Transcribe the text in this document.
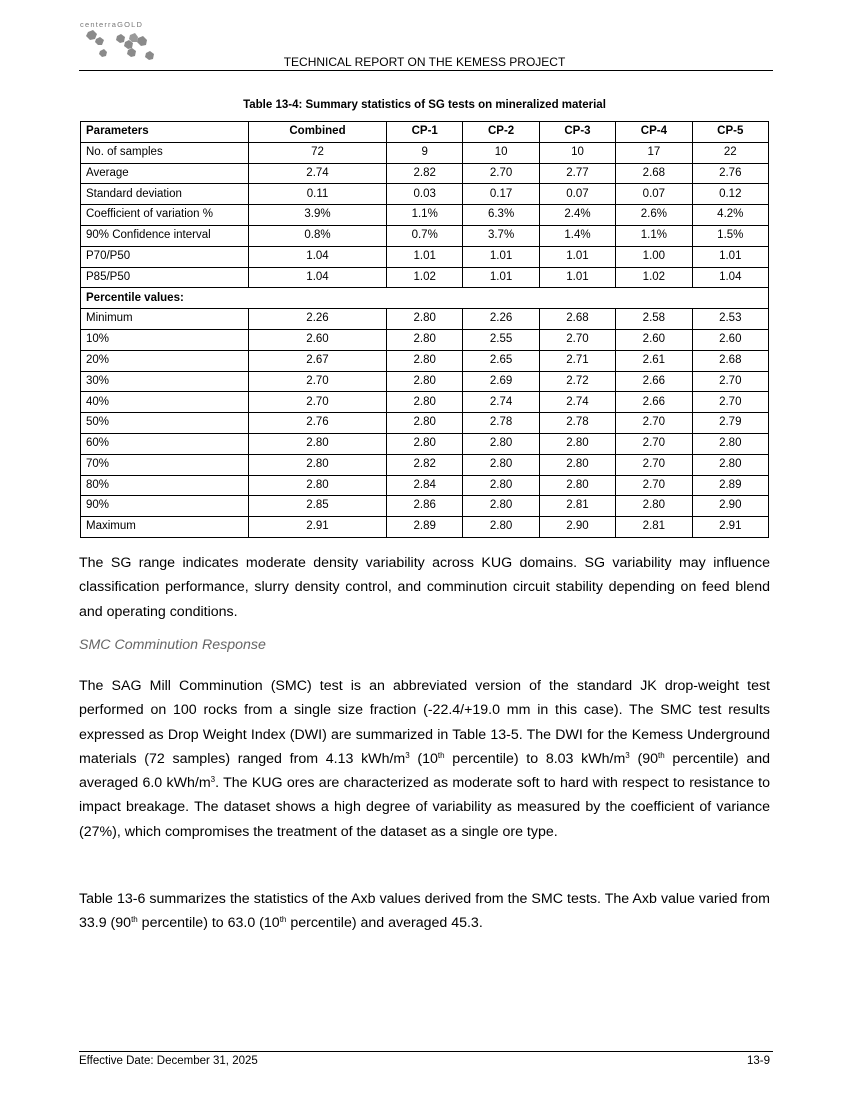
centerraGOLD
TECHNICAL REPORT ON THE KEMESS PROJECT
Table 13-4: Summary statistics of SG tests on mineralized material
Parameters	Combined	CP-1	CP-2	CP-3	CP-4	CP-5
No. of samples	72	9	10	10	17	22
Average	2.74	2.82	2.70	2.77	2.68	2.76
Standard deviation	0.11	0.03	0.17	0.07	0.07	0.12
Coefficient of variation %	3.9%	1.1%	6.3%	2.4%	2.6%	4.2%
90% Confidence interval	0.8%	0.7%	3.7%	1.4%	1.1%	1.5%
P70/P50	1.04	1.01	1.01	1.01	1.00	1.01
P85/P50	1.04	1.02	1.01	1.01	1.02	1.04
Percentile values:						
Minimum	2.26	2.80	2.26	2.68	2.58	2.53
10%	2.60	2.80	2.55	2.70	2.60	2.60
20%	2.67	2.80	2.65	2.71	2.61	2.68
30%	2.70	2.80	2.69	2.72	2.66	2.70
40%	2.70	2.80	2.74	2.74	2.66	2.70
50%	2.76	2.80	2.78	2.78	2.70	2.79
60%	2.80	2.80	2.80	2.80	2.70	2.80
70%	2.80	2.82	2.80	2.80	2.70	2.80
80%	2.80	2.84	2.80	2.80	2.70	2.89
90%	2.85	2.86	2.80	2.81	2.80	2.90
Maximum	2.91	2.89	2.80	2.90	2.81	2.91

The SG range indicates moderate density variability across KUG domains. SG variability may influence classification performance, slurry density control, and comminution circuit stability depending on feed blend and operating conditions.

SMC Comminution Response

The SAG Mill Comminution (SMC) test is an abbreviated version of the standard JK drop-weight test performed on 100 rocks from a single size fraction (-22.4/+19.0 mm in this case). The SMC test results expressed as Drop Weight Index (DWI) are summarized in Table 13-5. The DWI for the Kemess Underground materials (72 samples) ranged from 4.13 kWh/$m^3$ (10th percentile) to 8.03 kWh/$m^3$ (90th percentile) and averaged 6.0 kWh/$m^3$. The KUG ores are characterized as moderate soft to hard with respect to resistance to impact breakage. The dataset shows a high degree of variability as measured by the coefficient of variance (27%), which compromises the treatment of the dataset as a single ore type.

Table 13-6 summarizes the statistics of the Axb values derived from the SMC tests. The Axb value varied from 33.9 (90th percentile) to 63.0 (10th percentile) and averaged 45.3.

Effective Date: December 31, 2025	13-9
